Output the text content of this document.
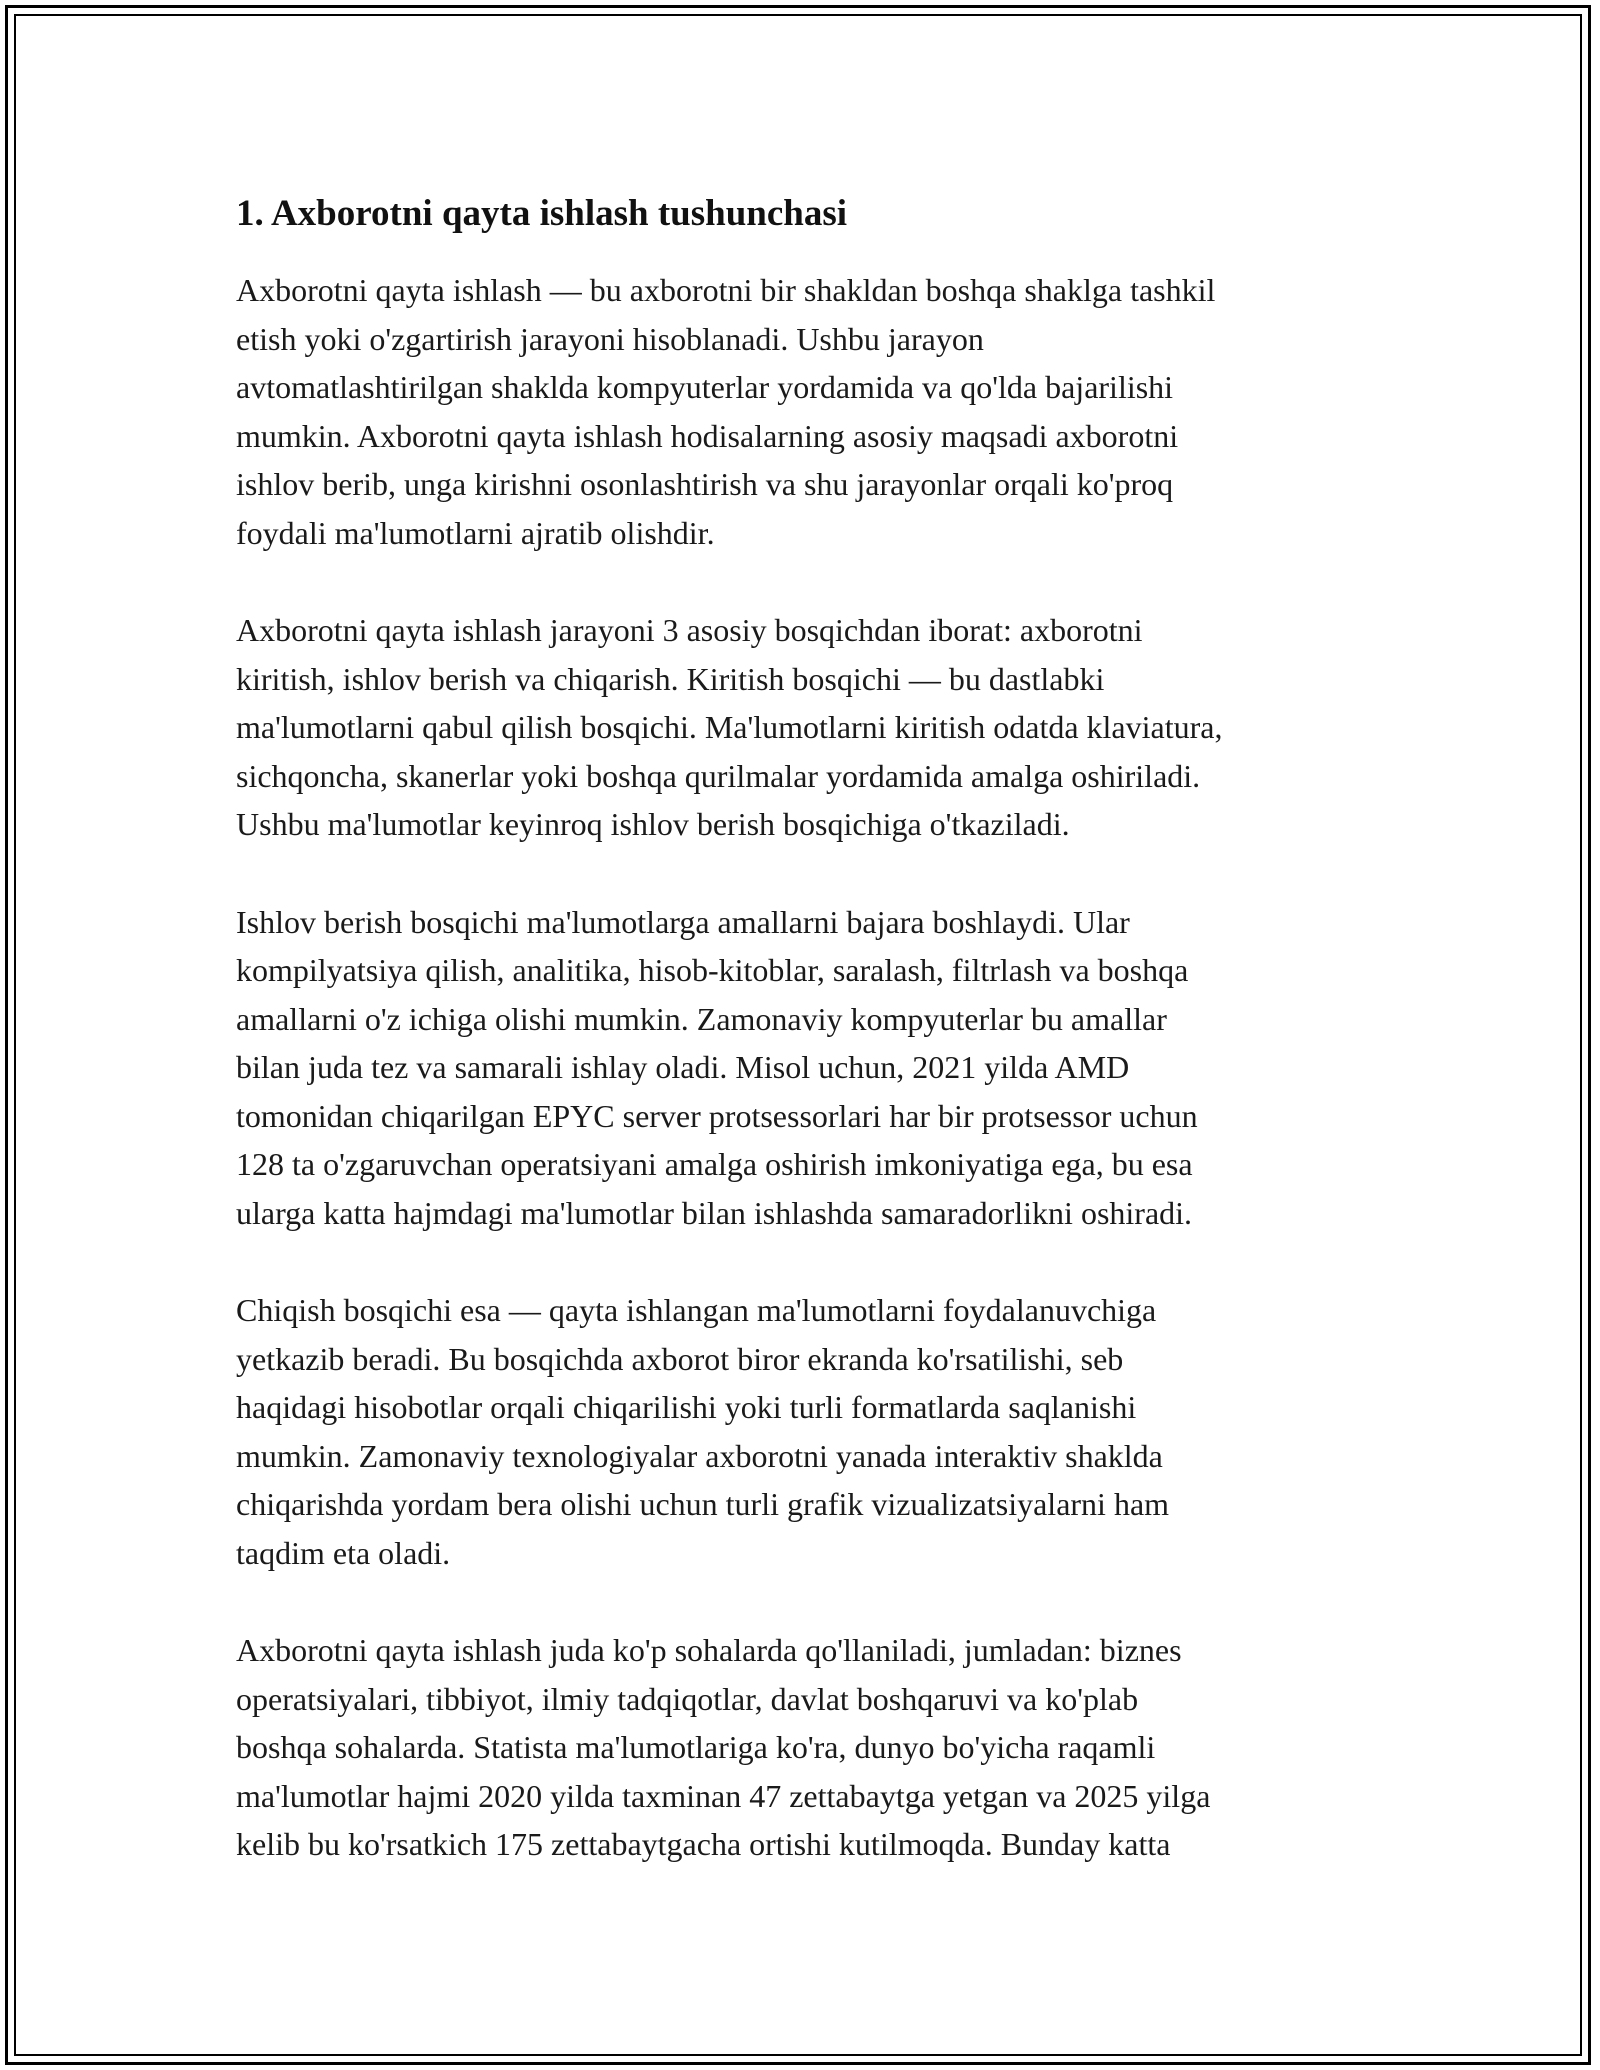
1. Axborotni qayta ishlash tushunchasi
Axborotni qayta ishlash — bu axborotni bir shakldan boshqa shaklga tashkil
etish yoki o'zgartirish jarayoni hisoblanadi. Ushbu jarayon
avtomatlashtirilgan shaklda kompyuterlar yordamida va qo'lda bajarilishi
mumkin. Axborotni qayta ishlash hodisalarning asosiy maqsadi axborotni
ishlov berib, unga kirishni osonlashtirish va shu jarayonlar orqali ko'proq
foydali ma'lumotlarni ajratib olishdir.
Axborotni qayta ishlash jarayoni 3 asosiy bosqichdan iborat: axborotni
kiritish, ishlov berish va chiqarish. Kiritish bosqichi — bu dastlabki
ma'lumotlarni qabul qilish bosqichi. Ma'lumotlarni kiritish odatda klaviatura,
sichqoncha, skanerlar yoki boshqa qurilmalar yordamida amalga oshiriladi.
Ushbu ma'lumotlar keyinroq ishlov berish bosqichiga o'tkaziladi.
Ishlov berish bosqichi ma'lumotlarga amallarni bajara boshlaydi. Ular
kompilyatsiya qilish, analitika, hisob-kitoblar, saralash, filtrlash va boshqa
amallarni o'z ichiga olishi mumkin. Zamonaviy kompyuterlar bu amallar
bilan juda tez va samarali ishlay oladi. Misol uchun, 2021 yilda AMD
tomonidan chiqarilgan EPYC server protsessorlari har bir protsessor uchun
128 ta o'zgaruvchan operatsiyani amalga oshirish imkoniyatiga ega, bu esa
ularga katta hajmdagi ma'lumotlar bilan ishlashda samaradorlikni oshiradi.
Chiqish bosqichi esa — qayta ishlangan ma'lumotlarni foydalanuvchiga
yetkazib beradi. Bu bosqichda axborot biror ekranda ko'rsatilishi, seb
haqidagi hisobotlar orqali chiqarilishi yoki turli formatlarda saqlanishi
mumkin. Zamonaviy texnologiyalar axborotni yanada interaktiv shaklda
chiqarishda yordam bera olishi uchun turli grafik vizualizatsiyalarni ham
taqdim eta oladi.
Axborotni qayta ishlash juda ko'p sohalarda qo'llaniladi, jumladan: biznes
operatsiyalari, tibbiyot, ilmiy tadqiqotlar, davlat boshqaruvi va ko'plab
boshqa sohalarda. Statista ma'lumotlariga ko'ra, dunyo bo'yicha raqamli
ma'lumotlar hajmi 2020 yilda taxminan 47 zettabaytga yetgan va 2025 yilga
kelib bu ko'rsatkich 175 zettabaytgacha ortishi kutilmoqda. Bunday katta
